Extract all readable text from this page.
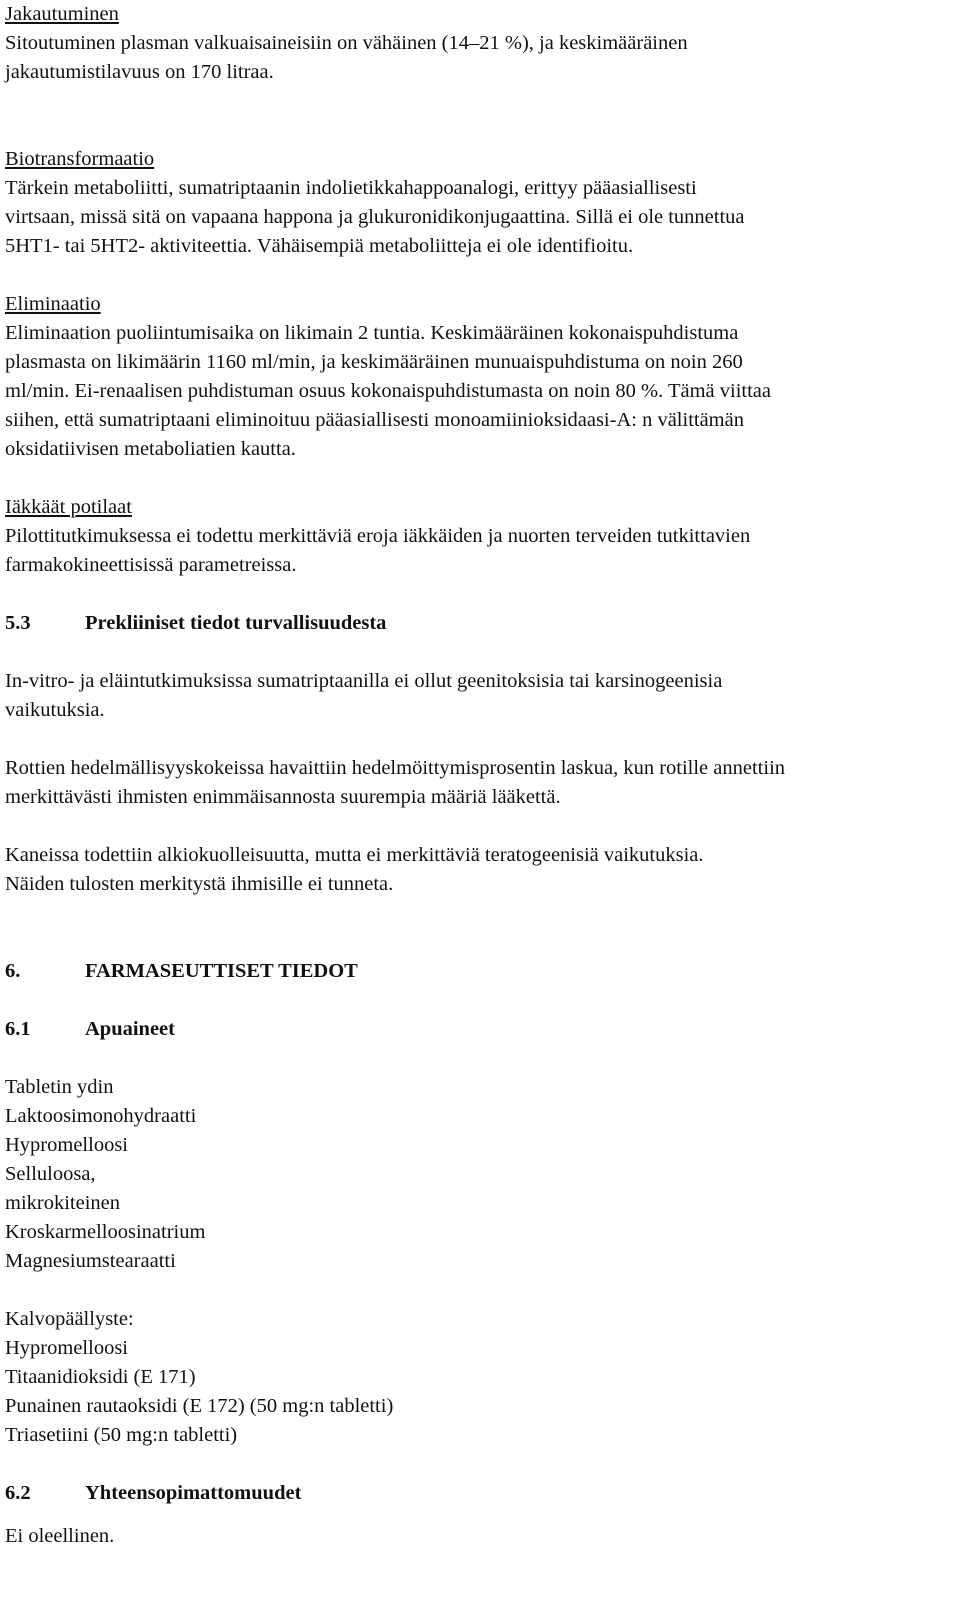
Jakautuminen

Sitoutuminen plasman valkuaisaineisiin on vähäinen (14–21 %), ja keskimääräinen
jakautumistilavuus on 170 litraa.

Biotransformaatio

Tärkein metaboliitti, sumatriptaanin indolietikkahappoanalogi, erittyy pääasiallisesti
virtsaan, missä sitä on vapaana happona ja glukuronidikonjugaattina. Sillä ei ole tunnettua
5HT1- tai 5HT2- aktiviteettia. Vähäisempiä metaboliitteja ei ole identifioitu.

Eliminaatio

Eliminaation puoliintumisaika on likimain 2 tuntia. Keskimääräinen kokonaispuhdistuma
plasmasta on likimäärin 1160 ml/min, ja keskimääräinen munuaispuhdistuma on noin 260
ml/min. Ei-renaalisen puhdistuman osuus kokonaispuhdistumasta on noin 80 %. Tämä viittaa
siihen, että sumatriptaani eliminoituu pääasiallisesti monoamiinioksidaasi-A: n välittämän
oksidatiivisen metaboliatien kautta.

Iäkkäät potilaat

Pilottitutkimuksessa ei todettu merkittäviä eroja iäkkäiden ja nuorten terveiden tutkittavien
farmakokineettisissä parametreissa.

5.3	Prekliiniset tiedot turvallisuudesta

In-vitro- ja eläintutkimuksissa sumatriptaanilla ei ollut geenitoksisia tai karsinogeenisia
vaikutuksia.

Rottien hedelmällisyyskokeissa havaittiin hedelmöittymisprosentin laskua, kun rotille annettiin
merkittävästi ihmisten enimmäisannosta suurempia määriä lääkettä.

Kaneissa todettiin alkiokuolleisuutta, mutta ei merkittäviä teratogeenisiä vaikutuksia.
Näiden tulosten merkitystä ihmisille ei tunneta.

6.	FARMASEUTTISET TIEDOT

6.1	Apuaineet

Tabletin ydin
Laktoosimonohydraatti
Hypromelloosi
Selluloosa,
mikrokiteinen
Kroskarmelloosinatrium
Magnesiumstearaatti

Kalvopäällyste:
Hypromelloosi
Titaanidioksidi (E 171)
Punainen rautaoksidi (E 172) (50 mg:n tabletti)
Triasetiini (50 mg:n tabletti)

6.2	Yhteensopimattomuudet

Ei oleellinen.
